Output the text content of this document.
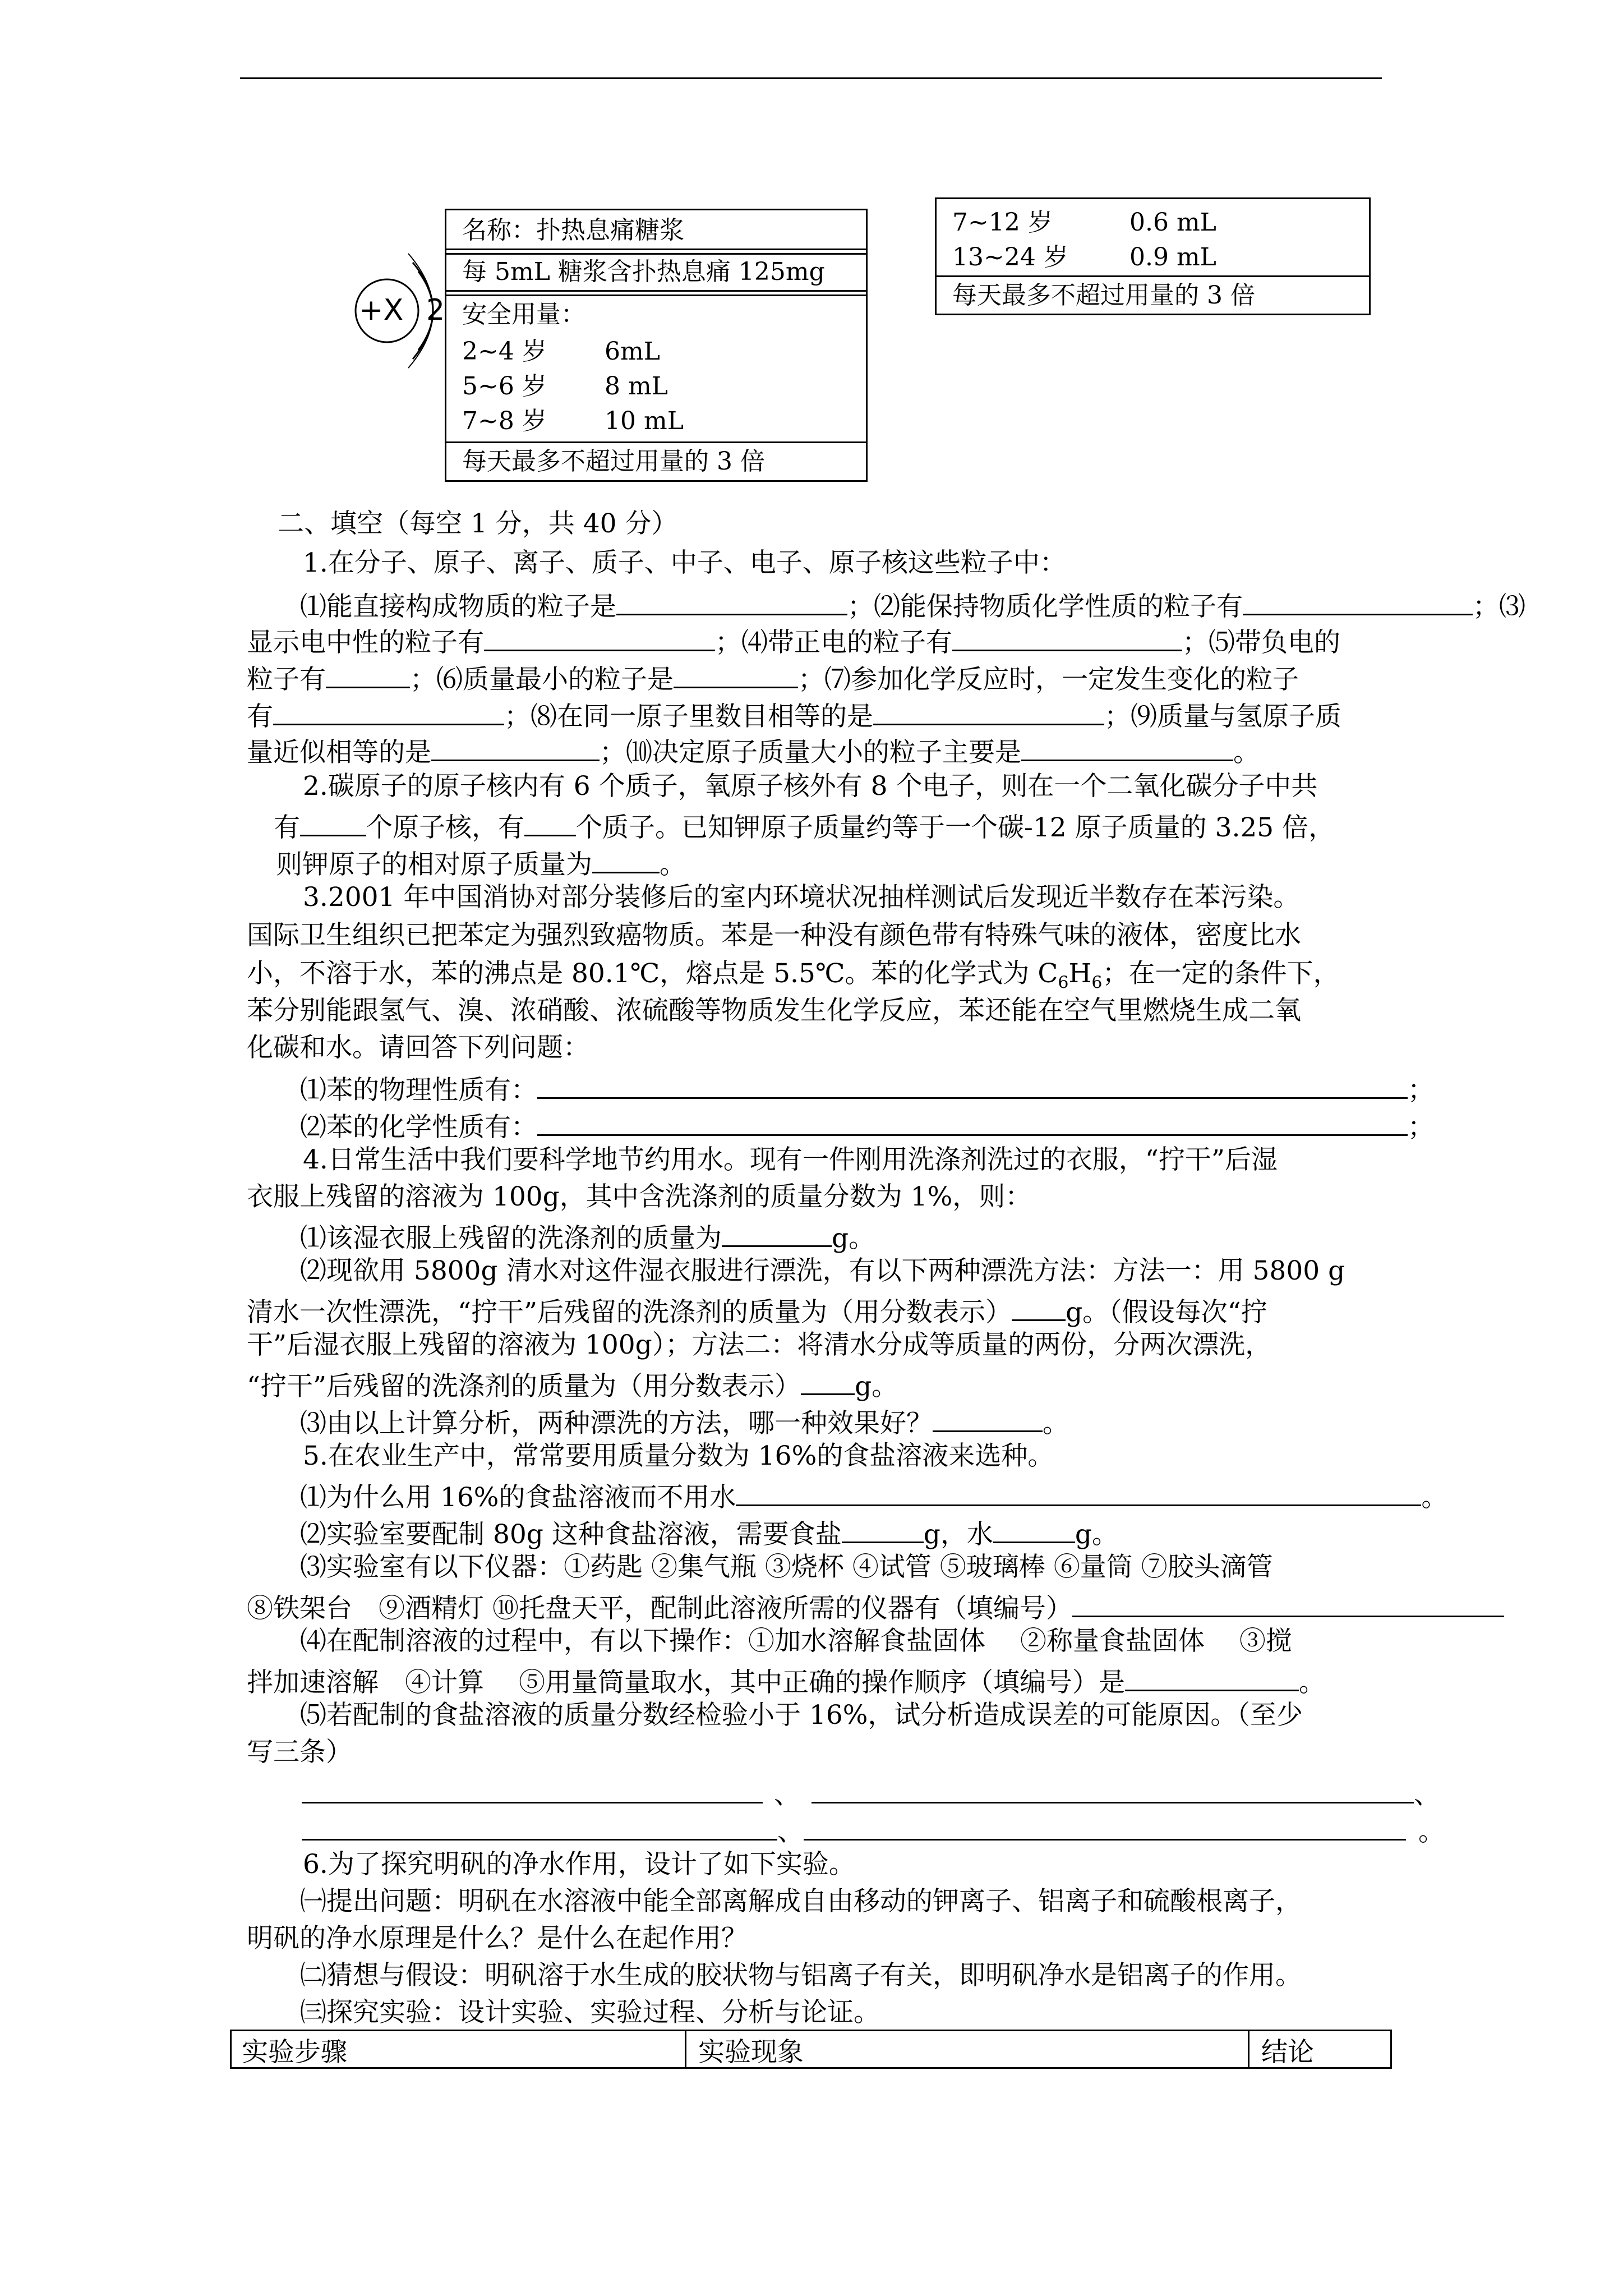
+X 2
名称：扑热息痛糖浆
每 5mL 糖浆含扑热息痛 125mg
安全用量：
2~4 岁 6mL
5~6 岁 8 mL
7~8 岁 10 mL
每天最多不超过用量的 3 倍
7~12 岁	0.6 mL
13~24 岁 0.9 mL
每天最多不超过用量的 3 倍
二、填空（每空 1 分，共 40 分）
1.在分子、原子、离子、质子、中子、电子、原子核这些粒子中：
⑴能直接构成物质的粒子是	；⑵能保持物质化学性质的粒子有	；⑶
显示电中性的粒子有	；⑷带正电的粒子有	；⑸带负电的
粒子有	；⑹质量最小的粒子是	；⑺参加化学反应时，一定发生变化的粒子
有	；⑻在同一原子里数目相等的是	；⑼质量与氢原子质
量近似相等的是	；⑽决定原子质量大小的粒子主要是	。
2.碳原子的原子核内有 6 个质子，氧原子核外有 8 个电子，则在一个二氧化碳分子中共
有	个原子核，有 个质子。已知钾原子质量约等于一个碳-12 原子质量的 3.25 倍，
则钾原子的相对原子质量为	。
3.2001 年中国消协对部分装修后的室内环境状况抽样测试后发现近半数存在苯污染。
国际卫生组织已把苯定为强烈致癌物质。苯是一种没有颜色带有特殊气味的液体，密度比水
小，不溶于水，苯的沸点是 80.1℃，熔点是 5.5℃。苯的化学式为 $C_6H_6$；在一定的条件下，
苯分别能跟氢气、溴、浓硝酸、浓硫酸等物质发生化学反应，苯还能在空气里燃烧生成二氧
化碳和水。请回答下列问题：
⑴苯的物理性质有：	；
⑵苯的化学性质有：	；
4.日常生活中我们要科学地节约用水。现有一件刚用洗涤剂洗过的衣服，“拧干”后湿
衣服上残留的溶液为 100g，其中含洗涤剂的质量分数为 1%，则：
⑴该湿衣服上残留的洗涤剂的质量为	g。
⑵现欲用 5800g 清水对这件湿衣服进行漂洗，有以下两种漂洗方法：方法一：用 5800 g
清水一次性漂洗，“拧干”后残留的洗涤剂的质量为（用分数表示） g。（假设每次“拧
干”后湿衣服上残留的溶液为 100g）；方法二：将清水分成等质量的两份，分两次漂洗，
“拧干”后残留的洗涤剂的质量为（用分数表示） g。
⑶由以上计算分析，两种漂洗的方法，哪一种效果好？	。
5.在农业生产中，常常要用质量分数为 16%的食盐溶液来选种。
⑴为什么用 16%的食盐溶液而不用水	。
⑵实验室要配制 80g 这种食盐溶液，需要食盐	g，水	g。
⑶实验室有以下仪器：①药匙 ②集气瓶 ③烧杯 ④试管 ⑤玻璃棒 ⑥量筒 ⑦胶头滴管
⑧铁架台　⑨酒精灯 ⑩托盘天平，配制此溶液所需的仪器有（填编号）
⑷在配制溶液的过程中，有以下操作：①加水溶解食盐固体　 ②称量食盐固体　 ③搅
拌加速溶解　④计算　 ⑤用量筒量取水，其中正确的操作顺序（填编号）是	。
⑸若配制的食盐溶液的质量分数经检验小于 16%，试分析造成误差的可能原因。（至少
写三条）
、	、
、	。
6.为了探究明矾的净水作用，设计了如下实验。
㈠提出问题：明矾在水溶液中能全部离解成自由移动的钾离子、铝离子和硫酸根离子，
明矾的净水原理是什么？是什么在起作用？
㈡猜想与假设：明矾溶于水生成的胶状物与铝离子有关，即明矾净水是铝离子的作用。
㈢探究实验：设计实验、实验过程、分析与论证。
实验步骤	实验现象	结论
